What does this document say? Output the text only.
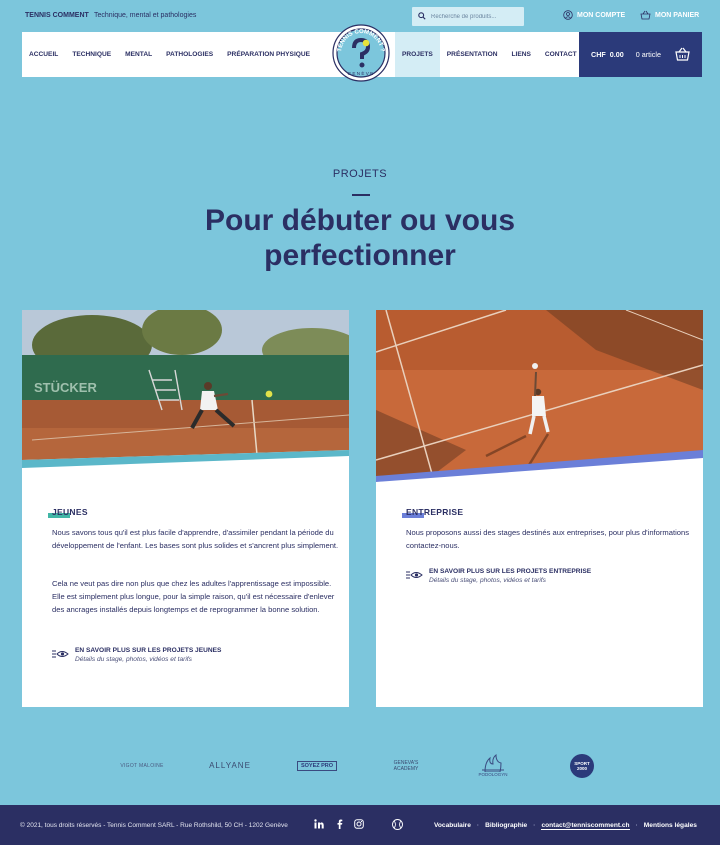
TENNIS COMMENT Technique, mental et pathologies
Recherche de produits...	MON COMPTE	MON PANIER
ACCUEIL	TECHNIQUE	MENTAL	PATHOLOGIES	PRÉPARATION PHYSIQUE
TENNIS COMMENT ?
GENÈVE
PROJETS	PRÉSENTATION	LIENS	CONTACT	CHF 0.00 0 article
PROJETS
Pour débuter ou vous
perfectionner
STÜCKER
JEUNES

Nous savons tous qu'il est plus facile d'apprendre, d'assimiler pendant la période du développement de l'enfant. Les bases sont plus solides et s'ancrent plus simplement.

Cela ne veut pas dire non plus que chez les adultes l'apprentissage est impossible. Elle est simplement plus longue, pour la simple raison, qu'il est nécessaire d'enlever des ancrages installés depuis longtemps et de reprogrammer la bonne solution.

EN SAVOIR PLUS SUR LES PROJETS JEUNES
Détails du stage, photos, vidéos et tarifs
ENTREPRISE

Nous proposons aussi des stages destinés aux entreprises, pour plus d'informations contactez-nous.

EN SAVOIR PLUS SUR LES PROJETS ENTREPRISE
Détails du stage, photos, vidéos et tarifs
VIGOT MALOINE	ALLYANE	SOYEZ PRO	GENEVA'S ACADEMY
PODOLOGYN
SPORT 2000
© 2021, tous droits réservés - Tennis Comment SARL - Rue Rothshild, 50 CH - 1202 Genève	Vocabulaire · Bibliographie · contact@tenniscomment.ch · Mentions légales
